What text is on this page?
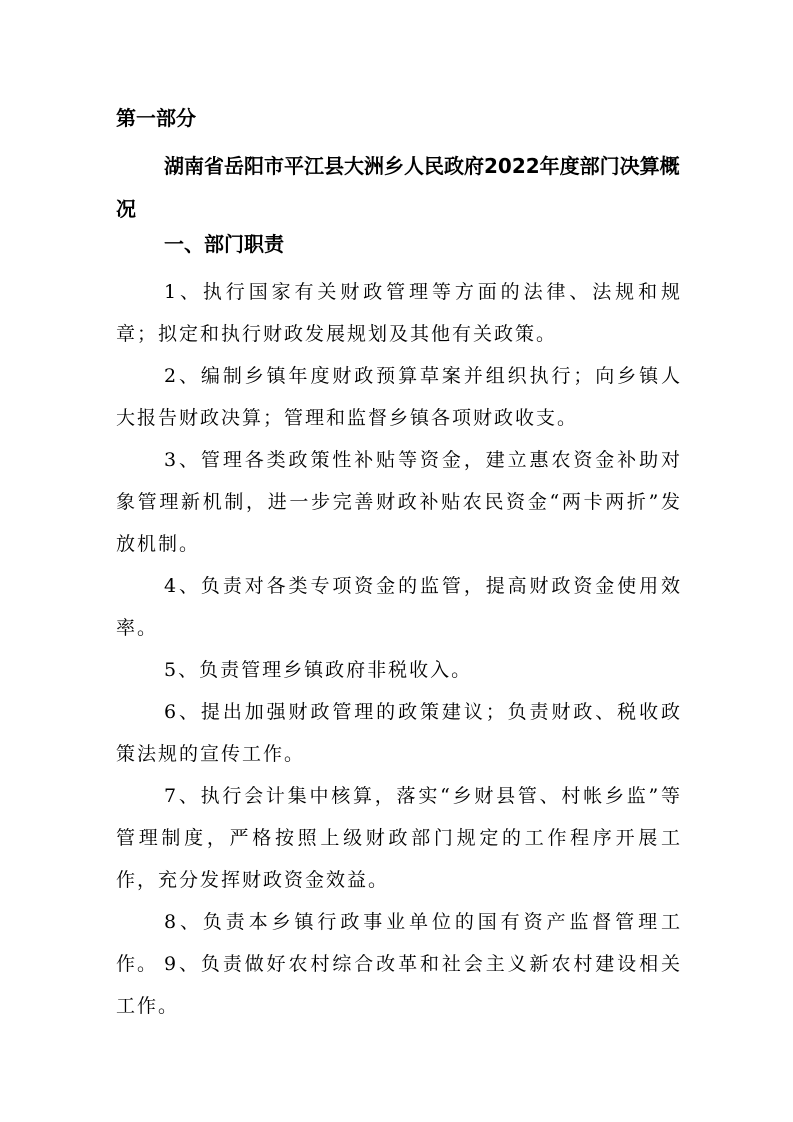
第一部分
湖南省岳阳市平江县大洲乡人民政府2022年度部门决算概况
一、部门职责

1、执行国家有关财政管理等方面的法律、法规和规章；拟定和执行财政发展规划及其他有关政策。

2、编制乡镇年度财政预算草案并组织执行；向乡镇人大报告财政决算；管理和监督乡镇各项财政收支。

3、管理各类政策性补贴等资金，建立惠农资金补助对象管理新机制，进一步完善财政补贴农民资金“两卡两折”发放机制。

4、负责对各类专项资金的监管，提高财政资金使用效率。

5、负责管理乡镇政府非税收入。

6、提出加强财政管理的政策建议；负责财政、税收政策法规的宣传工作。

7、执行会计集中核算，落实“乡财县管、村帐乡监”等管理制度，严格按照上级财政部门规定的工作程序开展工作，充分发挥财政资金效益。

8、负责本乡镇行政事业单位的国有资产监督管理工作。 9、负责做好农村综合改革和社会主义新农村建设相关工作。
